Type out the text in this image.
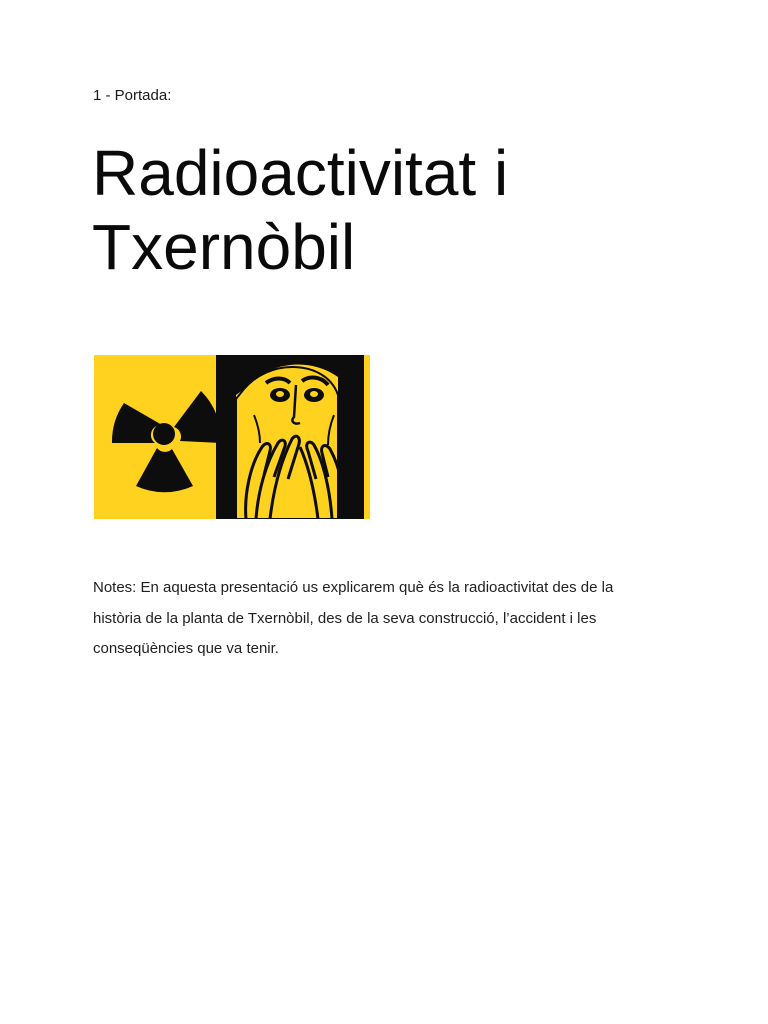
1 - Portada:
Radioactivitat i Txernòbil

Notes: En aquesta presentació us explicarem què és la radioactivitat des de la història de la planta de Txernòbil, des de la seva construcció, l’accident i les conseqüències que va tenir.
